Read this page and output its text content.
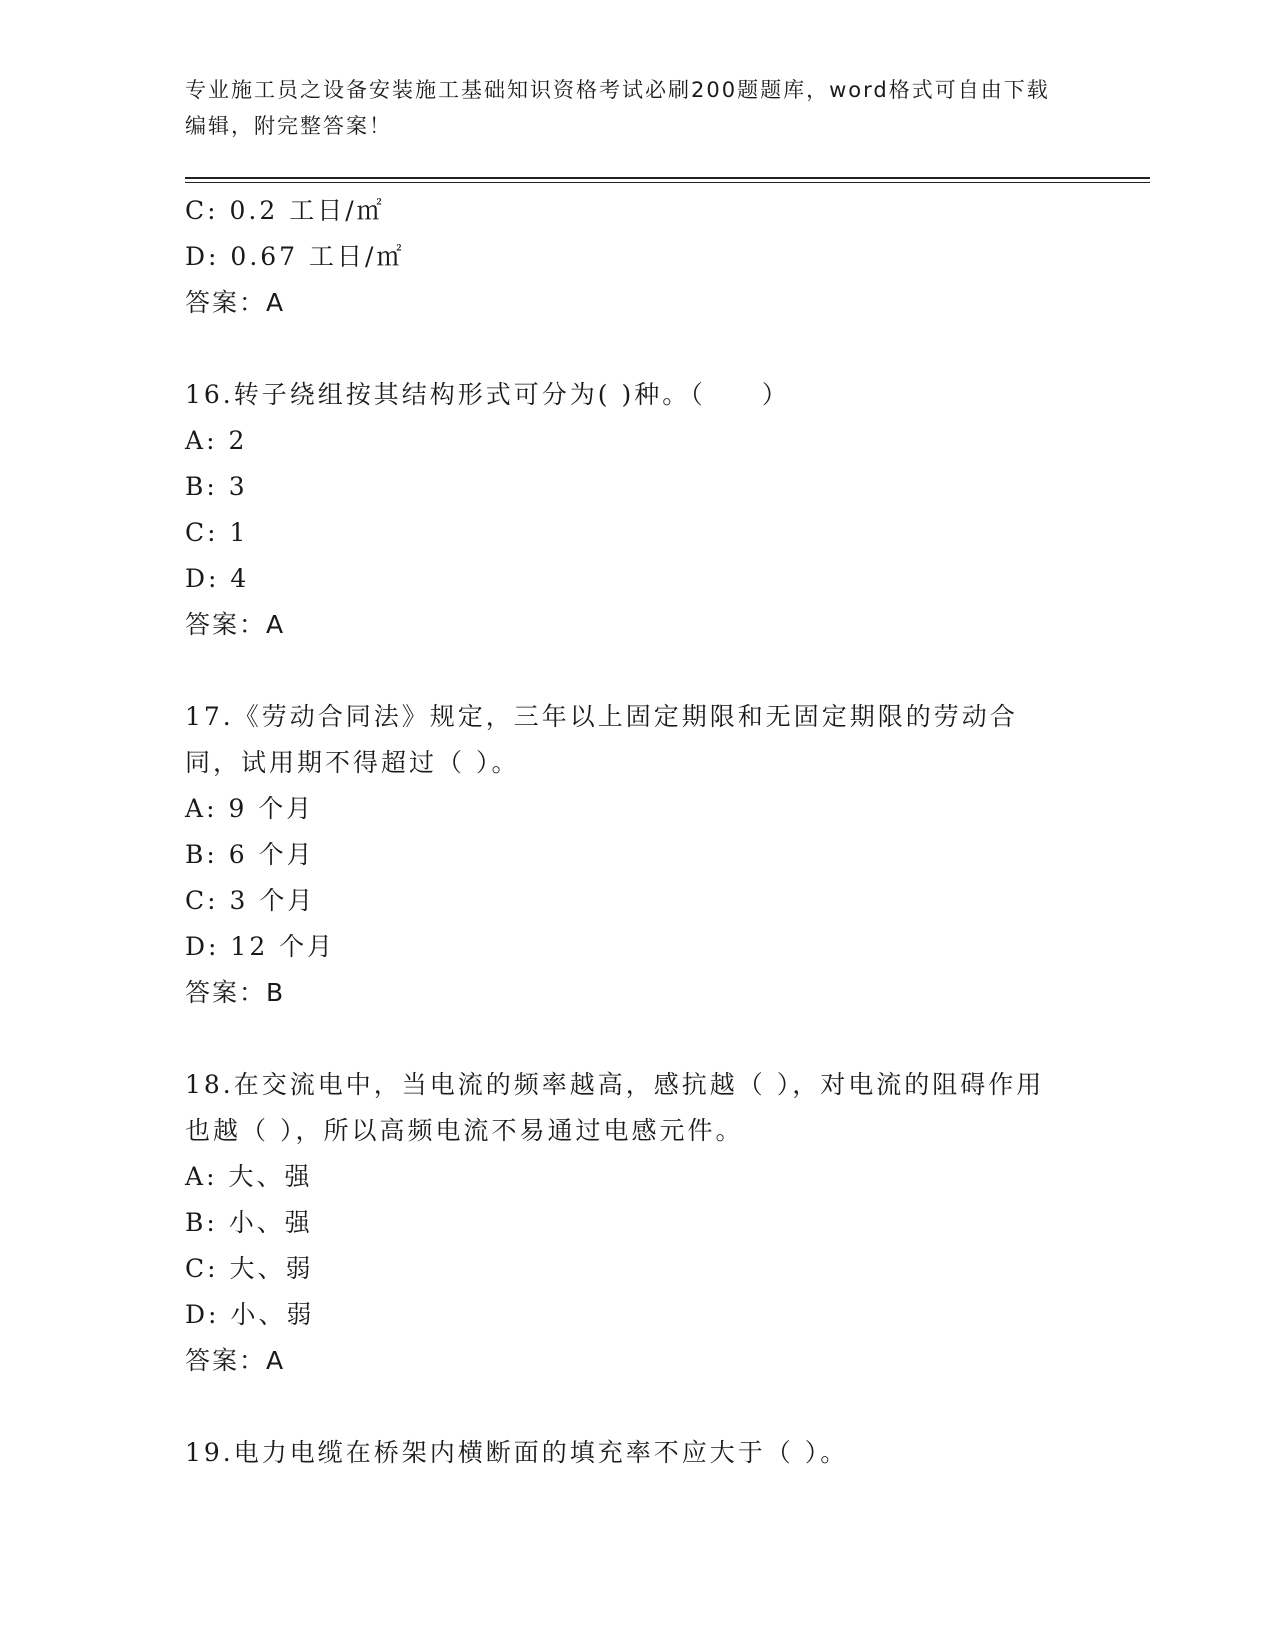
专业施工员之设备安装施工基础知识资格考试必刷200题题库，word格式可自由下载编辑，附完整答案！
C: 0.2 工日/㎡
D: 0.67 工日/㎡
答案：A
16.转子绕组按其结构形式可分为( )种。（　　）
A: 2
B: 3
C: 1
D: 4
答案：A
17.《劳动合同法》规定，三年以上固定期限和无固定期限的劳动合同，试用期不得超过（ ）。
A: 9 个月
B: 6 个月
C: 3 个月
D: 12 个月
答案：B
18.在交流电中，当电流的频率越高，感抗越（ ），对电流的阻碍作用也越（ ），所以高频电流不易通过电感元件。
A: 大、强
B: 小、强
C: 大、弱
D: 小、弱
答案：A
19.电力电缆在桥架内横断面的填充率不应大于（ ）。
